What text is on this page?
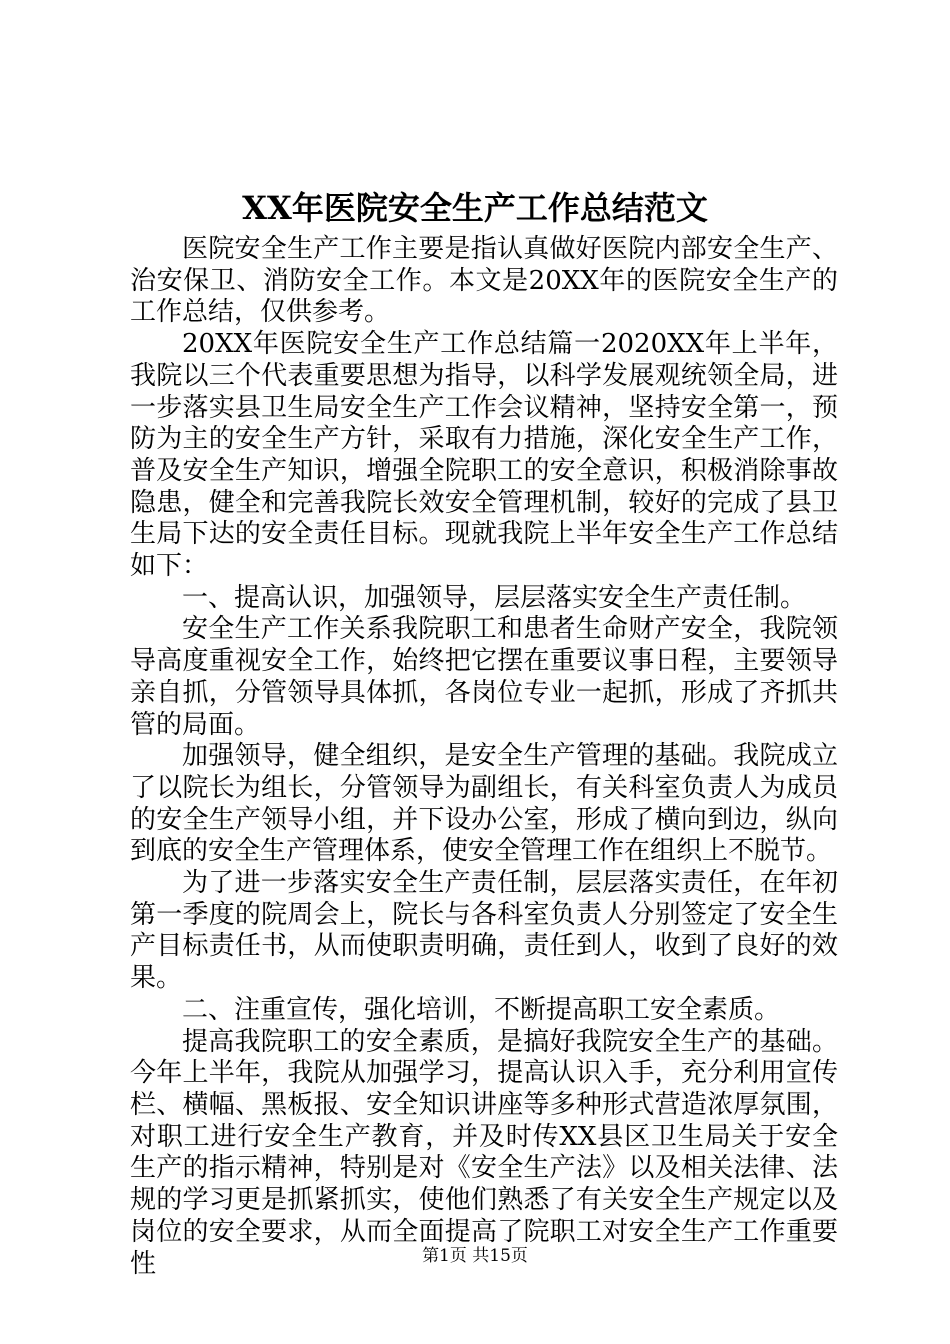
XX年医院安全生产工作总结范文

医院安全生产工作主要是指认真做好医院内部安全生产、治安保卫、消防安全工作。本文是20XX年的医院安全生产的工作总结，仅供参考。

20XX年医院安全生产工作总结篇一2020XX年上半年，我院以三个代表重要思想为指导，以科学发展观统领全局，进一步落实县卫生局安全生产工作会议精神，坚持安全第一，预防为主的安全生产方针，采取有力措施，深化安全生产工作，普及安全生产知识，增强全院职工的安全意识，积极消除事故隐患，健全和完善我院长效安全管理机制，较好的完成了县卫生局下达的安全责任目标。现就我院上半年安全生产工作总结如下：

一、提高认识，加强领导，层层落实安全生产责任制。

安全生产工作关系我院职工和患者生命财产安全，我院领导高度重视安全工作，始终把它摆在重要议事日程，主要领导亲自抓，分管领导具体抓，各岗位专业一起抓，形成了齐抓共管的局面。

加强领导，健全组织，是安全生产管理的基础。我院成立了以院长为组长，分管领导为副组长，有关科室负责人为成员的安全生产领导小组，并下设办公室，形成了横向到边，纵向到底的安全生产管理体系，使安全管理工作在组织上不脱节。

为了进一步落实安全生产责任制，层层落实责任，在年初第一季度的院周会上，院长与各科室负责人分别签定了安全生产目标责任书，从而使职责明确，责任到人，收到了良好的效果。

二、注重宣传，强化培训，不断提高职工安全素质。

提高我院职工的安全素质，是搞好我院安全生产的基础。今年上半年，我院从加强学习，提高认识入手，充分利用宣传栏、横幅、黑板报、安全知识讲座等多种形式营造浓厚氛围，对职工进行安全生产教育，并及时传XX县区卫生局关于安全生产的指示精神，特别是对《安全生产法》以及相关法律、法规的学习更是抓紧抓实，使他们熟悉了有关安全生产规定以及岗位的安全要求，从而全面提高了院职工对安全生产工作重要性	第1页 共15页
